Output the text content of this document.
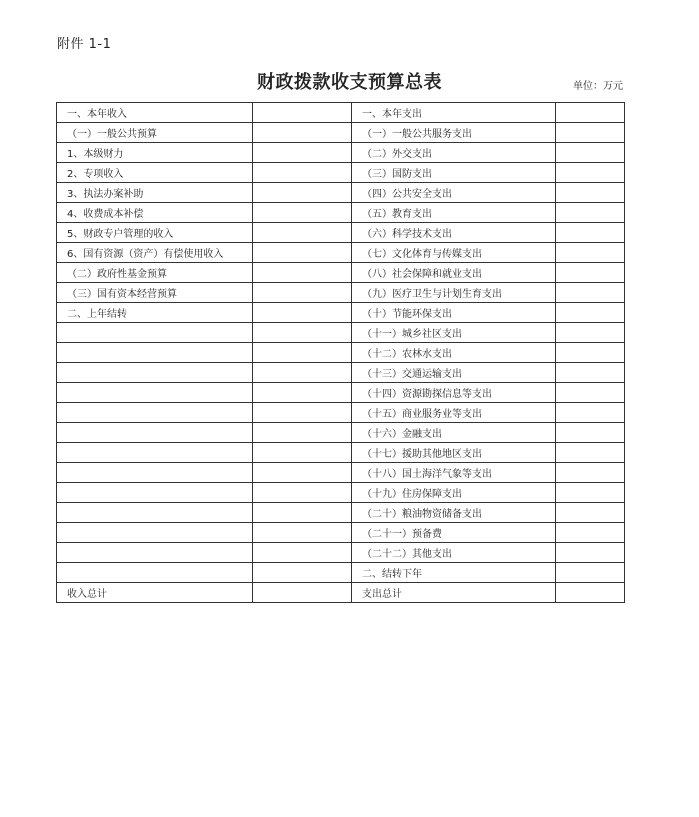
附件 1-1
财政拨款收支预算总表	单位：万元
一、本年收入		一、本年支出	
（一）一般公共预算		（一）一般公共服务支出	
1、本级财力		（二）外交支出	
2、专项收入		（三）国防支出	
3、执法办案补助		（四）公共安全支出	
4、收费成本补偿		（五）教育支出	
5、财政专户管理的收入		（六）科学技术支出	
6、国有资源（资产）有偿使用收入		（七）文化体育与传媒支出	
（二）政府性基金预算		（八）社会保障和就业支出	
（三）国有资本经营预算		（九）医疗卫生与计划生育支出	
二、上年结转		（十）节能环保支出	
		（十一）城乡社区支出	
		（十二）农林水支出	
		（十三）交通运输支出	
		（十四）资源勘探信息等支出	
		（十五）商业服务业等支出	
		（十六）金融支出	
		（十七）援助其他地区支出	
		（十八）国土海洋气象等支出	
		（十九）住房保障支出	
		（二十）粮油物资储备支出	
		（二十一）预备费	
		（二十二）其他支出	
		二、结转下年	
收入总计		支出总计	
